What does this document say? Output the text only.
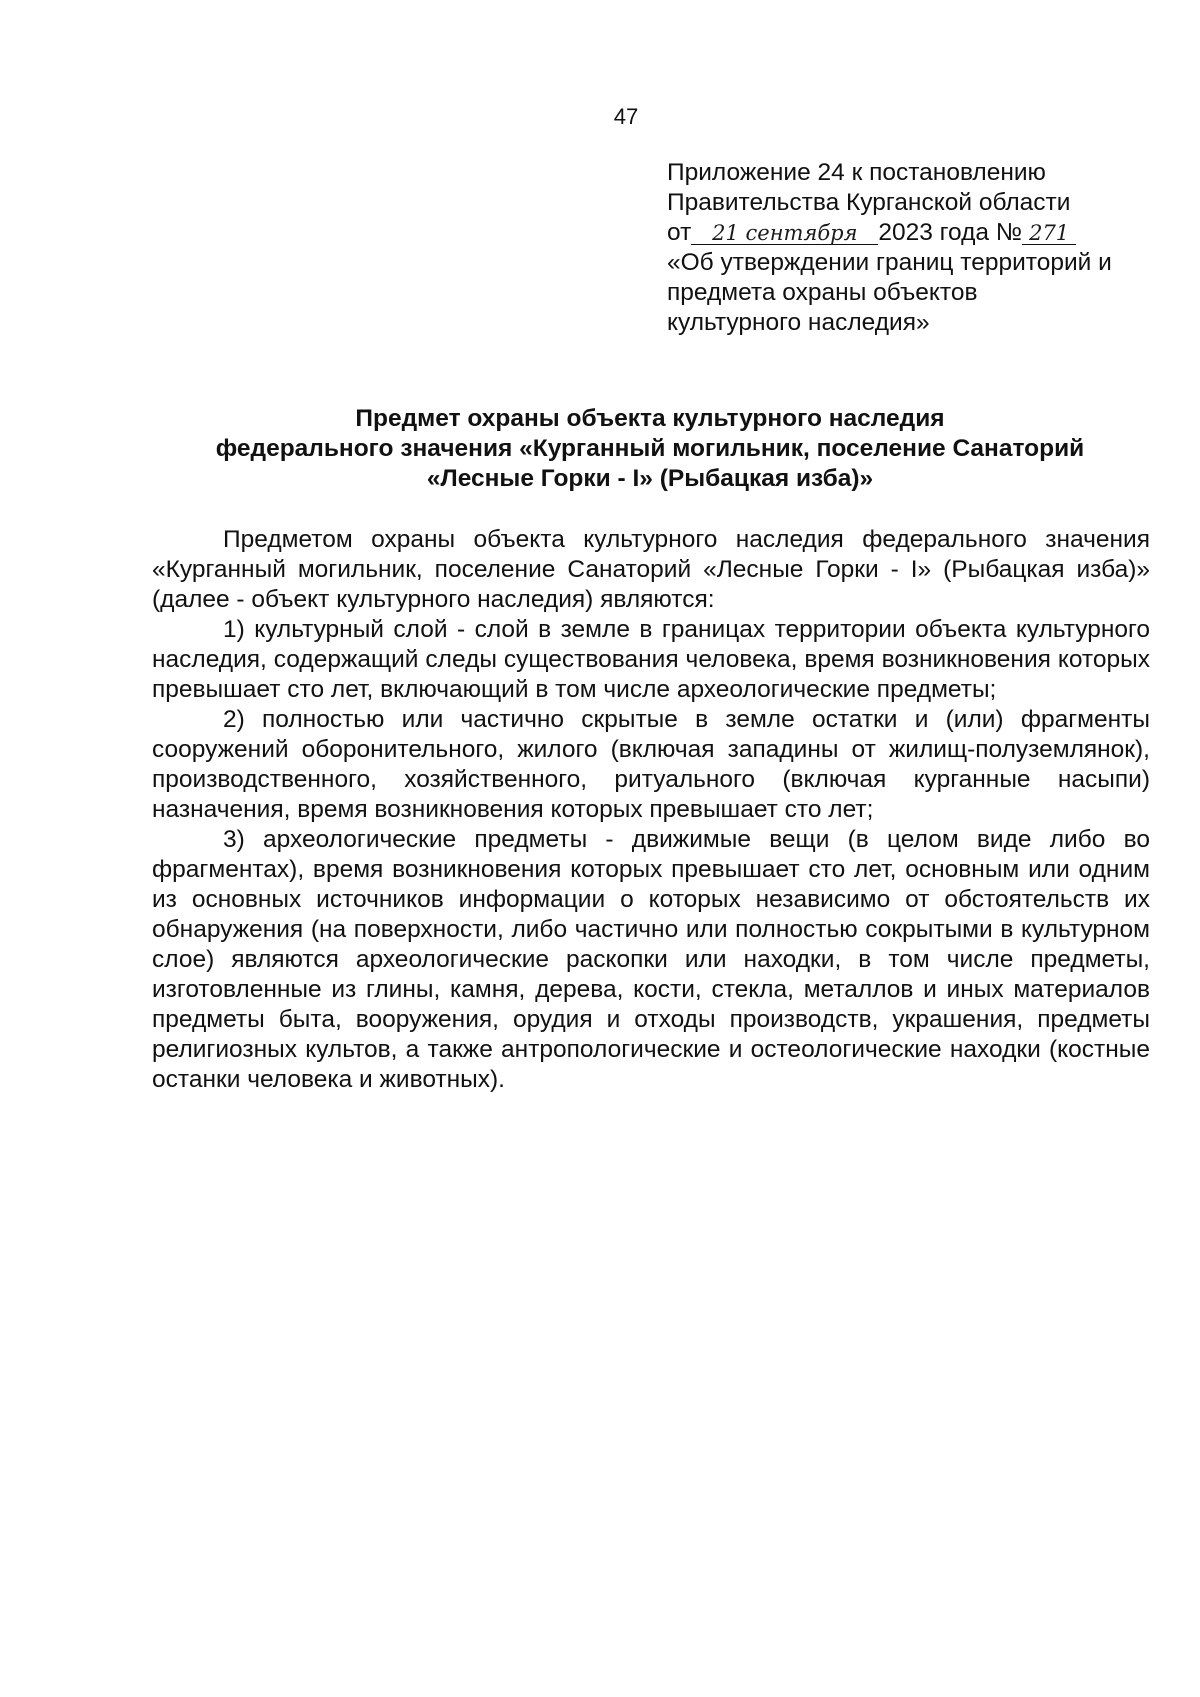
47
Приложение 24 к постановлению
Правительства Курганской области
от 21 сентября 2023 года № 271
«Об утверждении границ территорий и
предмета охраны объектов
культурного наследия»
Предмет охраны объекта культурного наследия
федерального значения «Курганный могильник, поселение Санаторий
«Лесные Горки - I» (Рыбацкая изба)»

Предметом охраны объекта культурного наследия федерального значения «Курганный могильник, поселение Санаторий «Лесные Горки - I» (Рыбацкая изба)» (далее - объект культурного наследия) являются:

1) культурный слой - слой в земле в границах территории объекта культурного наследия, содержащий следы существования человека, время возникновения которых превышает сто лет, включающий в том числе археологические предметы;

2) полностью или частично скрытые в земле остатки и (или) фрагменты сооружений оборонительного, жилого (включая западины от жилищ-полуземлянок), производственного, хозяйственного, ритуального (включая курганные насыпи) назначения, время возникновения которых превышает сто лет;

3) археологические предметы - движимые вещи (в целом виде либо во фрагментах), время возникновения которых превышает сто лет, основным или одним из основных источников информации о которых независимо от обстоятельств их обнаружения (на поверхности, либо частично или полностью сокрытыми в культурном слое) являются археологические раскопки или находки, в том числе предметы, изготовленные из глины, камня, дерева, кости, стекла, металлов и иных материалов предметы быта, вооружения, орудия и отходы производств, украшения, предметы религиозных культов, а также антропологические и остеологические находки (костные останки человека и животных).
